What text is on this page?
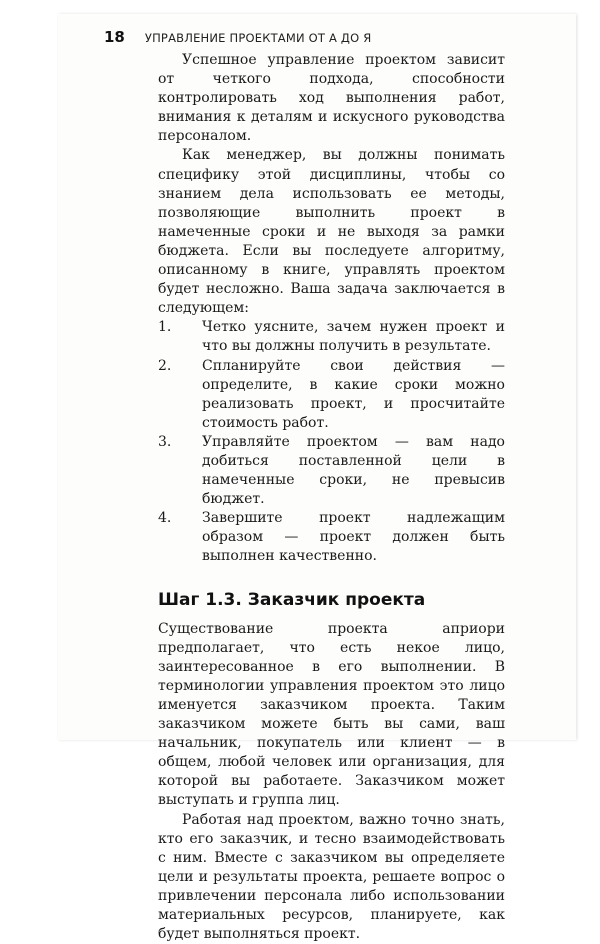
18 УПРАВЛЕНИЕ ПРОЕКТАМИ ОТ А ДО Я

Успешное управление проектом зависит от четкого подхода, способности контролировать ход выполнения работ, внимания к деталям и искусного руководства персоналом.

Как менеджер, вы должны понимать специфику этой дисциплины, чтобы со знанием дела использовать ее методы, позволяющие выполнить проект в намеченные сроки и не выходя за рамки бюджета. Если вы последуете алгоритму, описанному в книге, управлять проектом будет несложно. Ваша задача заключается в следующем:

1.	Четко уясните, зачем нужен проект и что вы должны получить в результате.
2.	Спланируйте свои действия — определите, в какие сроки можно реализовать проект, и просчитайте стоимость работ.
3.	Управляйте проектом — вам надо добиться поставленной цели в намеченные сроки, не превысив бюджет.
4.	Завершите проект надлежащим образом — проект должен быть выполнен качественно.
Шаг 1.3. Заказчик проекта

Существование проекта априори предполагает, что есть некое лицо, заинтересованное в его выполнении. В терминологии управления проектом это лицо именуется заказчиком проекта. Таким заказчиком можете быть вы сами, ваш начальник, покупатель или клиент — в общем, любой человек или организация, для которой вы работаете. Заказчиком может выступать и группа лиц.

Работая над проектом, важно точно знать, кто его заказчик, и тесно взаимодействовать с ним. Вместе с заказчиком вы определяете цели и результаты проекта, решаете вопрос о привлечении персонала либо использовании материальных ресурсов, планируете, как будет выполняться проект.
